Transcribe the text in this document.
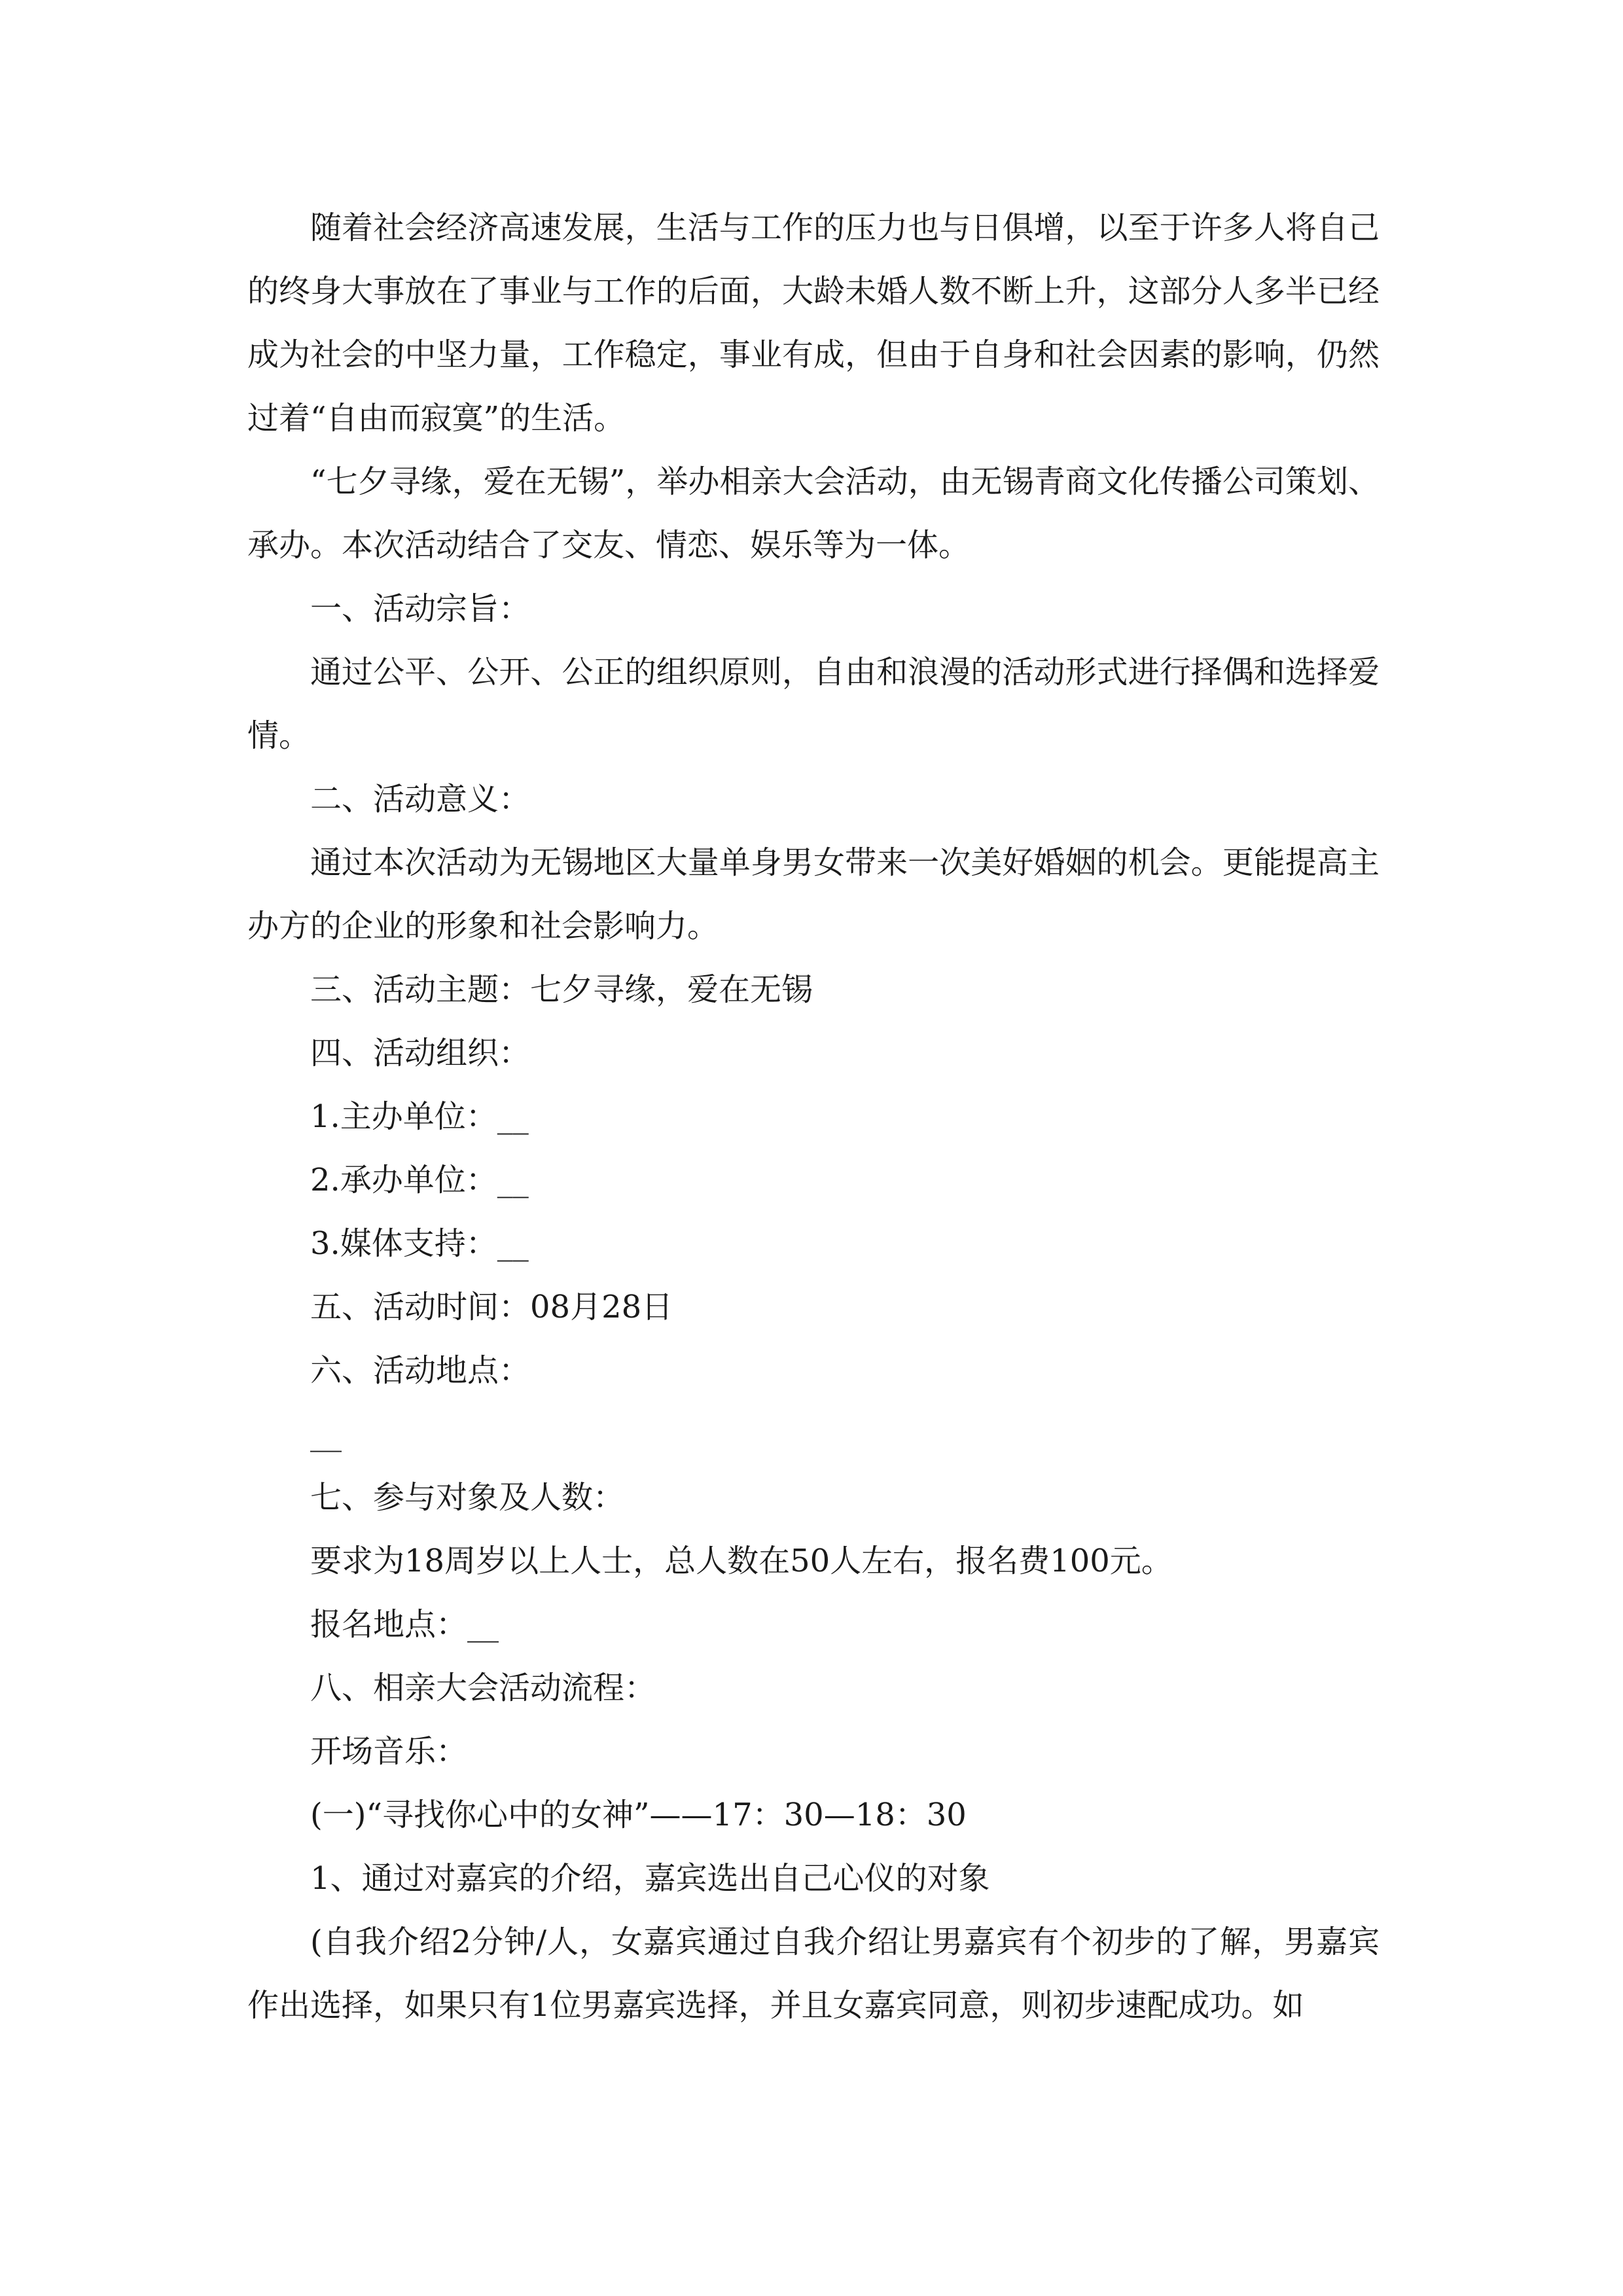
随着社会经济高速发展，生活与工作的压力也与日俱增，以至于许多人将自己的终身大事放在了事业与工作的后面，大龄未婚人数不断上升，这部分人多半已经成为社会的中坚力量，工作稳定，事业有成，但由于自身和社会因素的影响，仍然过着“自由而寂寞”的生活。

“七夕寻缘，爱在无锡”，举办相亲大会活动，由无锡青商文化传播公司策划、承办。本次活动结合了交友、情恋、娱乐等为一体。

一、活动宗旨：

通过公平、公开、公正的组织原则，自由和浪漫的活动形式进行择偶和选择爱情。

二、活动意义：

通过本次活动为无锡地区大量单身男女带来一次美好婚姻的机会。更能提高主办方的企业的形象和社会影响力。

三、活动主题：七夕寻缘，爱在无锡

四、活动组织：

1.主办单位：__

2.承办单位：__

3.媒体支持：__

五、活动时间：08月28日

六、活动地点：

__

七、参与对象及人数：

要求为18周岁以上人士，总人数在50人左右，报名费100元。

报名地点：__

八、相亲大会活动流程：

开场音乐：

(一)“寻找你心中的女神”——17：30—18：30

1、通过对嘉宾的介绍，嘉宾选出自己心仪的对象

(自我介绍2分钟/人，女嘉宾通过自我介绍让男嘉宾有个初步的了解，男嘉宾作出选择，如果只有1位男嘉宾选择，并且女嘉宾同意，则初步速配成功。如
